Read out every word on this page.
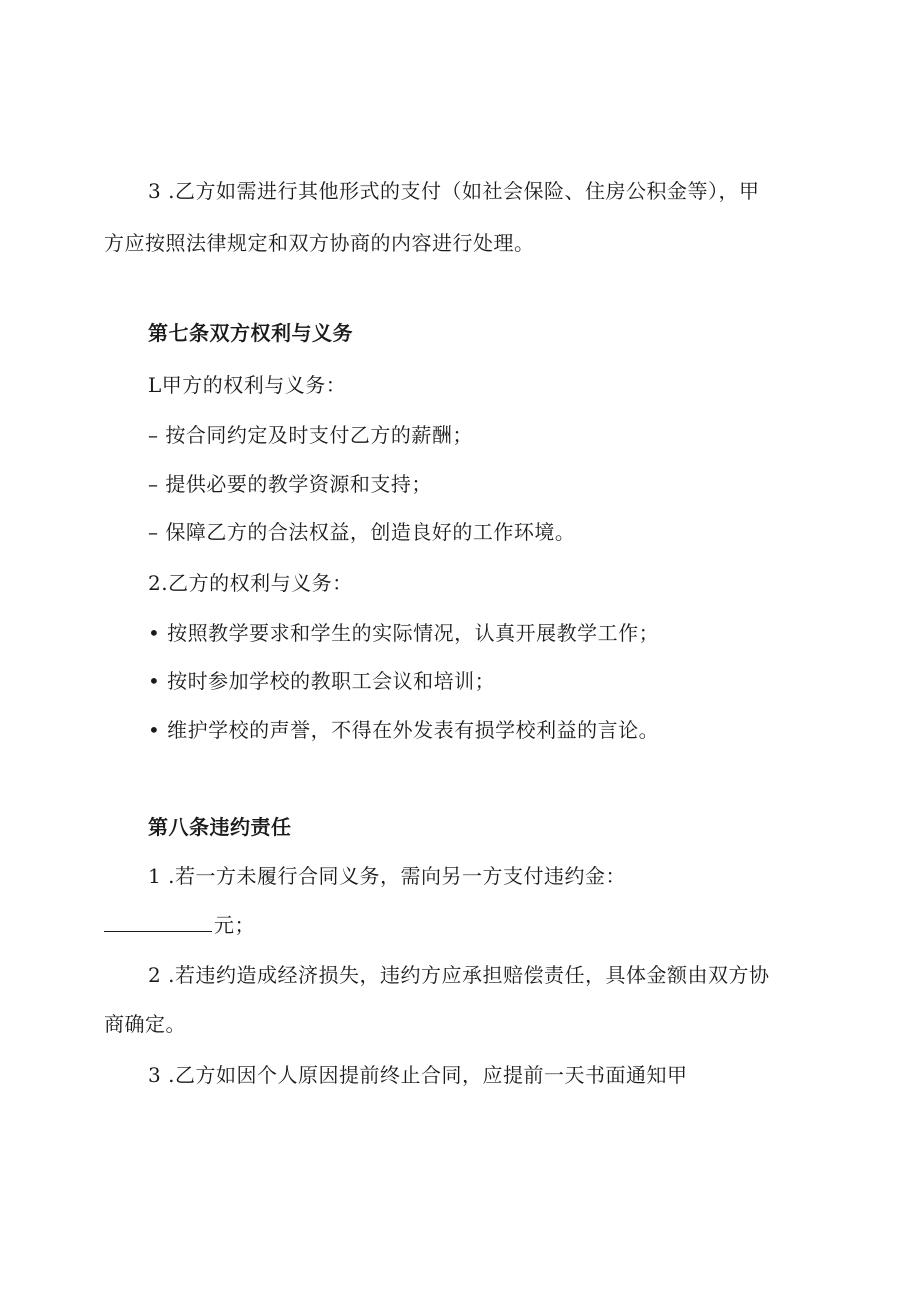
3 .乙方如需进行其他形式的支付（如社会保险、住房公积金等），甲
方应按照法律规定和双方协商的内容进行处理。
第七条双方权利与义务
L甲方的权利与义务：
– 按合同约定及时支付乙方的薪酬；
– 提供必要的教学资源和支持；
– 保障乙方的合法权益，创造良好的工作环境。
2.乙方的权利与义务：
• 按照教学要求和学生的实际情况，认真开展教学工作；
• 按时参加学校的教职工会议和培训；
• 维护学校的声誉，不得在外发表有损学校利益的言论。
第八条违约责任
1 .若一方未履行合同义务，需向另一方支付违约金：
元；
2 .若违约造成经济损失，违约方应承担赔偿责任，具体金额由双方协
商确定。
3 .乙方如因个人原因提前终止合同，应提前一天书面通知甲
